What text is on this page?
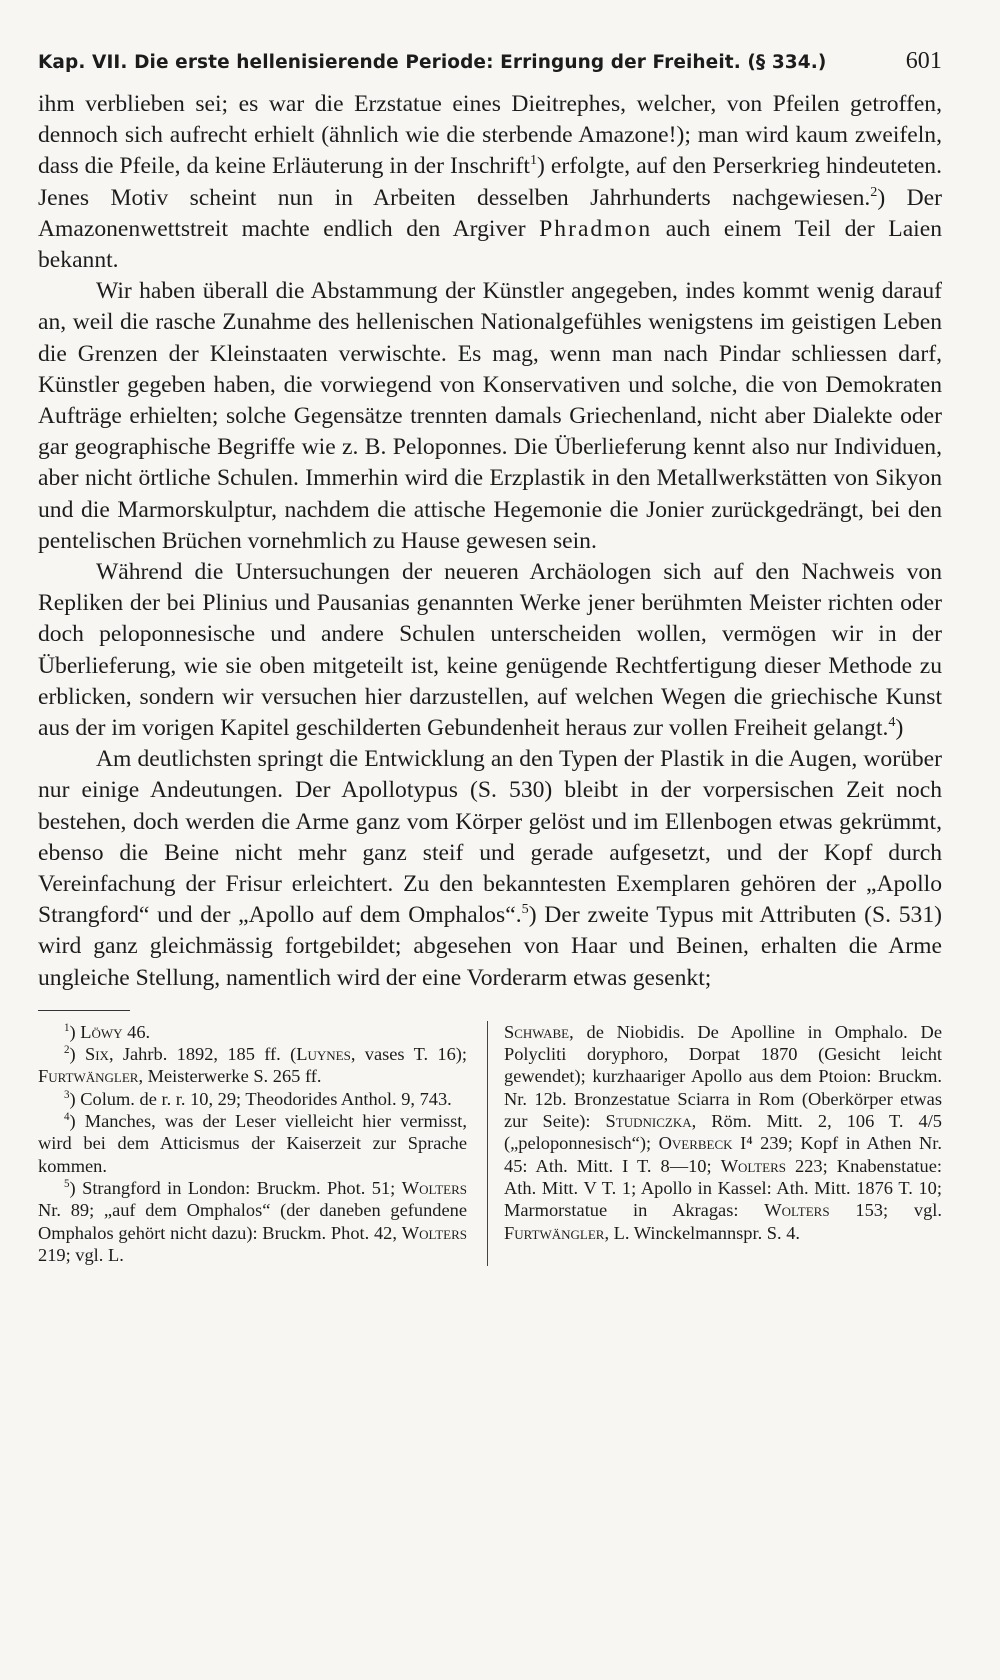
Kap. VII. Die erste hellenisierende Periode: Erringung der Freiheit. (§ 334.)	601

ihm verblieben sei; es war die Erzstatue eines Dieitrephes, welcher, von Pfeilen getroffen, dennoch sich aufrecht erhielt (ähnlich wie die sterbende Amazone!); man wird kaum zweifeln, dass die Pfeile, da keine Erläuterung in der Inschrift$^1$) erfolgte, auf den Perserkrieg hindeuteten. Jenes Motiv scheint nun in Arbeiten desselben Jahrhunderts nachgewiesen.$^2$) Der Amazonenwettstreit machte endlich den Argiver Phradmon auch einem Teil der Laien bekannt.

Wir haben überall die Abstammung der Künstler angegeben, indes kommt wenig darauf an, weil die rasche Zunahme des hellenischen Nationalgefühles wenigstens im geistigen Leben die Grenzen der Kleinstaaten verwischte. Es mag, wenn man nach Pindar schliessen darf, Künstler gegeben haben, die vorwiegend von Konservativen und solche, die von Demokraten Aufträge erhielten; solche Gegensätze trennten damals Griechenland, nicht aber Dialekte oder gar geographische Begriffe wie z. B. Peloponnes. Die Überlieferung kennt also nur Individuen, aber nicht örtliche Schulen. Immerhin wird die Erzplastik in den Metallwerkstätten von Sikyon und die Marmorskulptur, nachdem die attische Hegemonie die Jonier zurückgedrängt, bei den pentelischen Brüchen vornehmlich zu Hause gewesen sein.

Während die Untersuchungen der neueren Archäologen sich auf den Nachweis von Repliken der bei Plinius und Pausanias genannten Werke jener berühmten Meister richten oder doch peloponnesische und andere Schulen unterscheiden wollen, vermögen wir in der Überlieferung, wie sie oben mitgeteilt ist, keine genügende Rechtfertigung dieser Methode zu erblicken, sondern wir versuchen hier darzustellen, auf welchen Wegen die griechische Kunst aus der im vorigen Kapitel geschilderten Gebundenheit heraus zur vollen Freiheit gelangt.$^4$)

Am deutlichsten springt die Entwicklung an den Typen der Plastik in die Augen, worüber nur einige Andeutungen. Der Apollotypus (S. 530) bleibt in der vorpersischen Zeit noch bestehen, doch werden die Arme ganz vom Körper gelöst und im Ellenbogen etwas gekrümmt, ebenso die Beine nicht mehr ganz steif und gerade aufgesetzt, und der Kopf durch Vereinfachung der Frisur erleichtert. Zu den bekanntesten Exemplaren gehören der „Apollo Strangford“ und der „Apollo auf dem Omphalos“.$^5$) Der zweite Typus mit Attributen (S. 531) wird ganz gleichmässig fortgebildet; abgesehen von Haar und Beinen, erhalten die Arme ungleiche Stellung, namentlich wird der eine Vorderarm etwas gesenkt;

$^1$) Löwy 46.

$^2$) Six, Jahrb. 1892, 185 ff. (Luynes, vases T. 16); Furtwängler, Meisterwerke S. 265 ff.

$^3$) Colum. de r. r. 10, 29; Theodorides Anthol. 9, 743.

$^4$) Manches, was der Leser vielleicht hier vermisst, wird bei dem Atticismus der Kaiserzeit zur Sprache kommen.

$^5$) Strangford in London: Bruckm. Phot. 51; Wolters Nr. 89; „auf dem Omphalos“ (der daneben gefundene Omphalos gehört nicht dazu): Bruckm. Phot. 42, Wolters 219; vgl. L.

Schwabe, de Niobidis. De Apolline in Omphalo. De Polycliti doryphoro, Dorpat 1870 (Gesicht leicht gewendet); kurzhaariger Apollo aus dem Ptoion: Bruckm. Nr. 12b. Bronzestatue Sciarra in Rom (Oberkörper etwas zur Seite): Studniczka, Röm. Mitt. 2, 106 T. 4/5 („peloponnesisch“); Overbeck I⁴ 239; Kopf in Athen Nr. 45: Ath. Mitt. I T. 8—10; Wolters 223; Knabenstatue: Ath. Mitt. V T. 1; Apollo in Kassel: Ath. Mitt. 1876 T. 10; Marmorstatue in Akragas: Wolters 153; vgl. Furtwängler, L. Winckelmannspr. S. 4.
